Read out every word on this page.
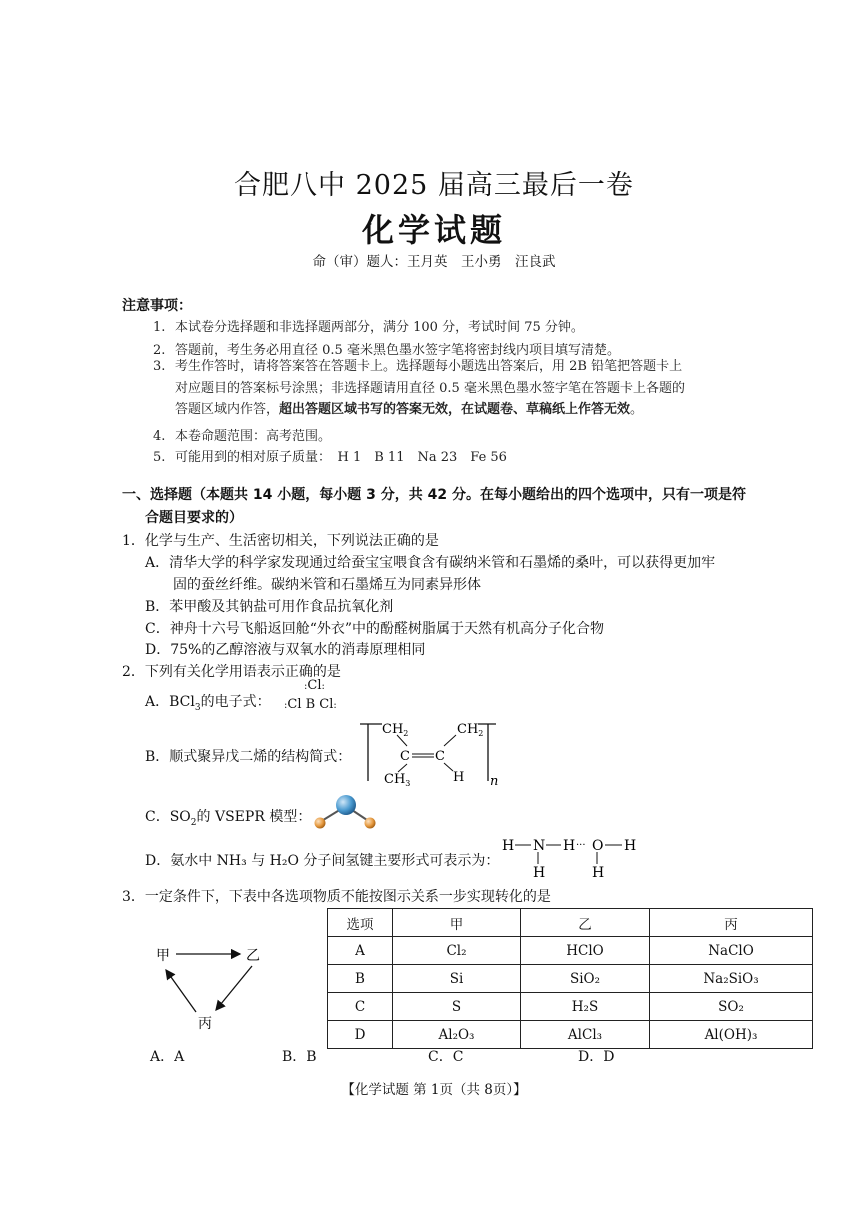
合肥八中 2025 届高三最后一卷
化学试题
命（审）题人：王月英　王小勇　汪良武
注意事项：
1. 本试卷分选择题和非选择题两部分，满分 100 分，考试时间 75 分钟。
2. 答题前，考生务必用直径 0.5 毫米黑色墨水签字笔将密封线内项目填写清楚。
3. 考生作答时，请将答案答在答题卡上。选择题每小题选出答案后，用 2B 铅笔把答题卡上
对应题目的答案标号涂黑；非选择题请用直径 0.5 毫米黑色墨水签字笔在答题卡上各题的
答题区域内作答，超出答题区域书写的答案无效，在试题卷、草稿纸上作答无效。
4. 本卷命题范围：高考范围。
5. 可能用到的相对原子质量：　H 1　B 11　Na 23　Fe 56
一、选择题（本题共 14 小题，每小题 3 分，共 42 分。在每小题给出的四个选项中，只有一项是符
合题目要求的）
1．化学与生产、生活密切相关，下列说法正确的是
A．清华大学的科学家发现通过给蚕宝宝喂食含有碳纳米管和石墨烯的桑叶，可以获得更加牢
固的蚕丝纤维。碳纳米管和石墨烯互为同素异形体
B．苯甲酸及其钠盐可用作食品抗氧化剂
C．神舟十六号飞船返回舱“外衣”中的酚醛树脂属于天然有机高分子化合物
D．75%的乙醇溶液与双氧水的消毒原理相同
2．下列有关化学用语表示正确的是
A．BCl$_3$的电子式：
:Cl:
:Cl B Cl:
B．顺式聚异戊二烯的结构简式：
$CH_2$	$CH_2$
C C
$CH_3$	H n
C．$SO_2$的 VSEPR 模型：
D．氨水中 NH₃ 与 H₂O 分子间氢键主要形式可表示为：
H N H ··· O H
H	H
3．一定条件下，下表中各选项物质不能按图示关系一步实现转化的是
甲	乙
丙
选项	甲	乙	丙
A	Cl₂	HClO	NaClO
B	Si	SiO₂	Na₂SiO₃
C	S	H₂S	SO₂
D	Al₂O₃	AlCl₃	Al(OH)₃
A．A	B．B	C．C	D．D
【化学试题 第 1页（共 8页）】
